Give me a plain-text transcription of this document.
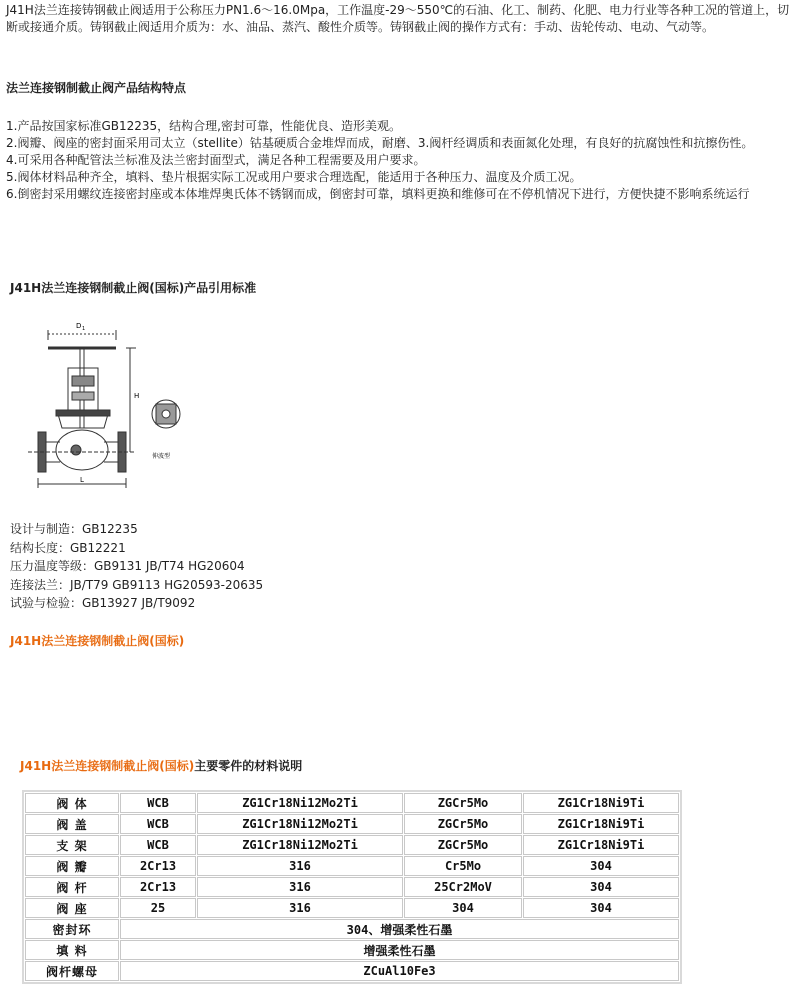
J41H法兰连接铸钢截止阀适用于公称压力PN1.6～16.0Mpa，工作温度-29～550℃的石油、化工、制药、化肥、电力行业等各种工况的管道上，切断或接通介质。铸钢截止阀适用介质为：水、油品、蒸汽、酸性介质等。铸钢截止阀的操作方式有：手动、齿轮传动、电动、气动等。

法兰连接钢制截止阀产品结构特点

1.产品按国家标准GB12235，结构合理,密封可靠，性能优良、造形美观。
2.阀瓣、阀座的密封面采用司太立（stellite）钴基硬质合金堆焊而成，耐磨、3.阀杆经调质和表面氮化处理，有良好的抗腐蚀性和抗擦伤性。
4.可采用各种配管法兰标准及法兰密封面型式，满足各种工程需要及用户要求。
5.阀体材料品种齐全，填料、垫片根据实际工况或用户要求合理选配，能适用于各种压力、温度及介质工况。
6.倒密封采用螺纹连接密封座或本体堆焊奥氏体不锈钢而成，倒密封可靠，填料更换和维修可在不停机情况下进行，方便快捷不影响系统运行

J41H法兰连接钢制截止阀(国标)产品引用标准

D 1
H
L
伸波型
设计与制造：GB12235
结构长度：GB12221
压力温度等级：GB9131 JB/T74 HG20604
连接法兰：JB/T79 GB9113 HG20593-20635
试验与检验：GB13927 JB/T9092

J41H法兰连接钢制截止阀(国标)

J41H法兰连接钢制截止阀(国标)主要零件的材料说明

阀 体	WCB	ZG1Cr18Ni12Mo2Ti	ZGCr5Mo	ZG1Cr18Ni9Ti
阀 盖	WCB	ZG1Cr18Ni12Mo2Ti	ZGCr5Mo	ZG1Cr18Ni9Ti
支 架	WCB	ZG1Cr18Ni12Mo2Ti	ZGCr5Mo	ZG1Cr18Ni9Ti
阀 瓣	2Cr13	316	Cr5Mo	304
阀 杆	2Cr13	316	25Cr2MoV	304
阀 座	25	316	304	304
密封环	304、增强柔性石墨			
填 料	增强柔性石墨			
阀杆螺母	ZCuAl10Fe3			
